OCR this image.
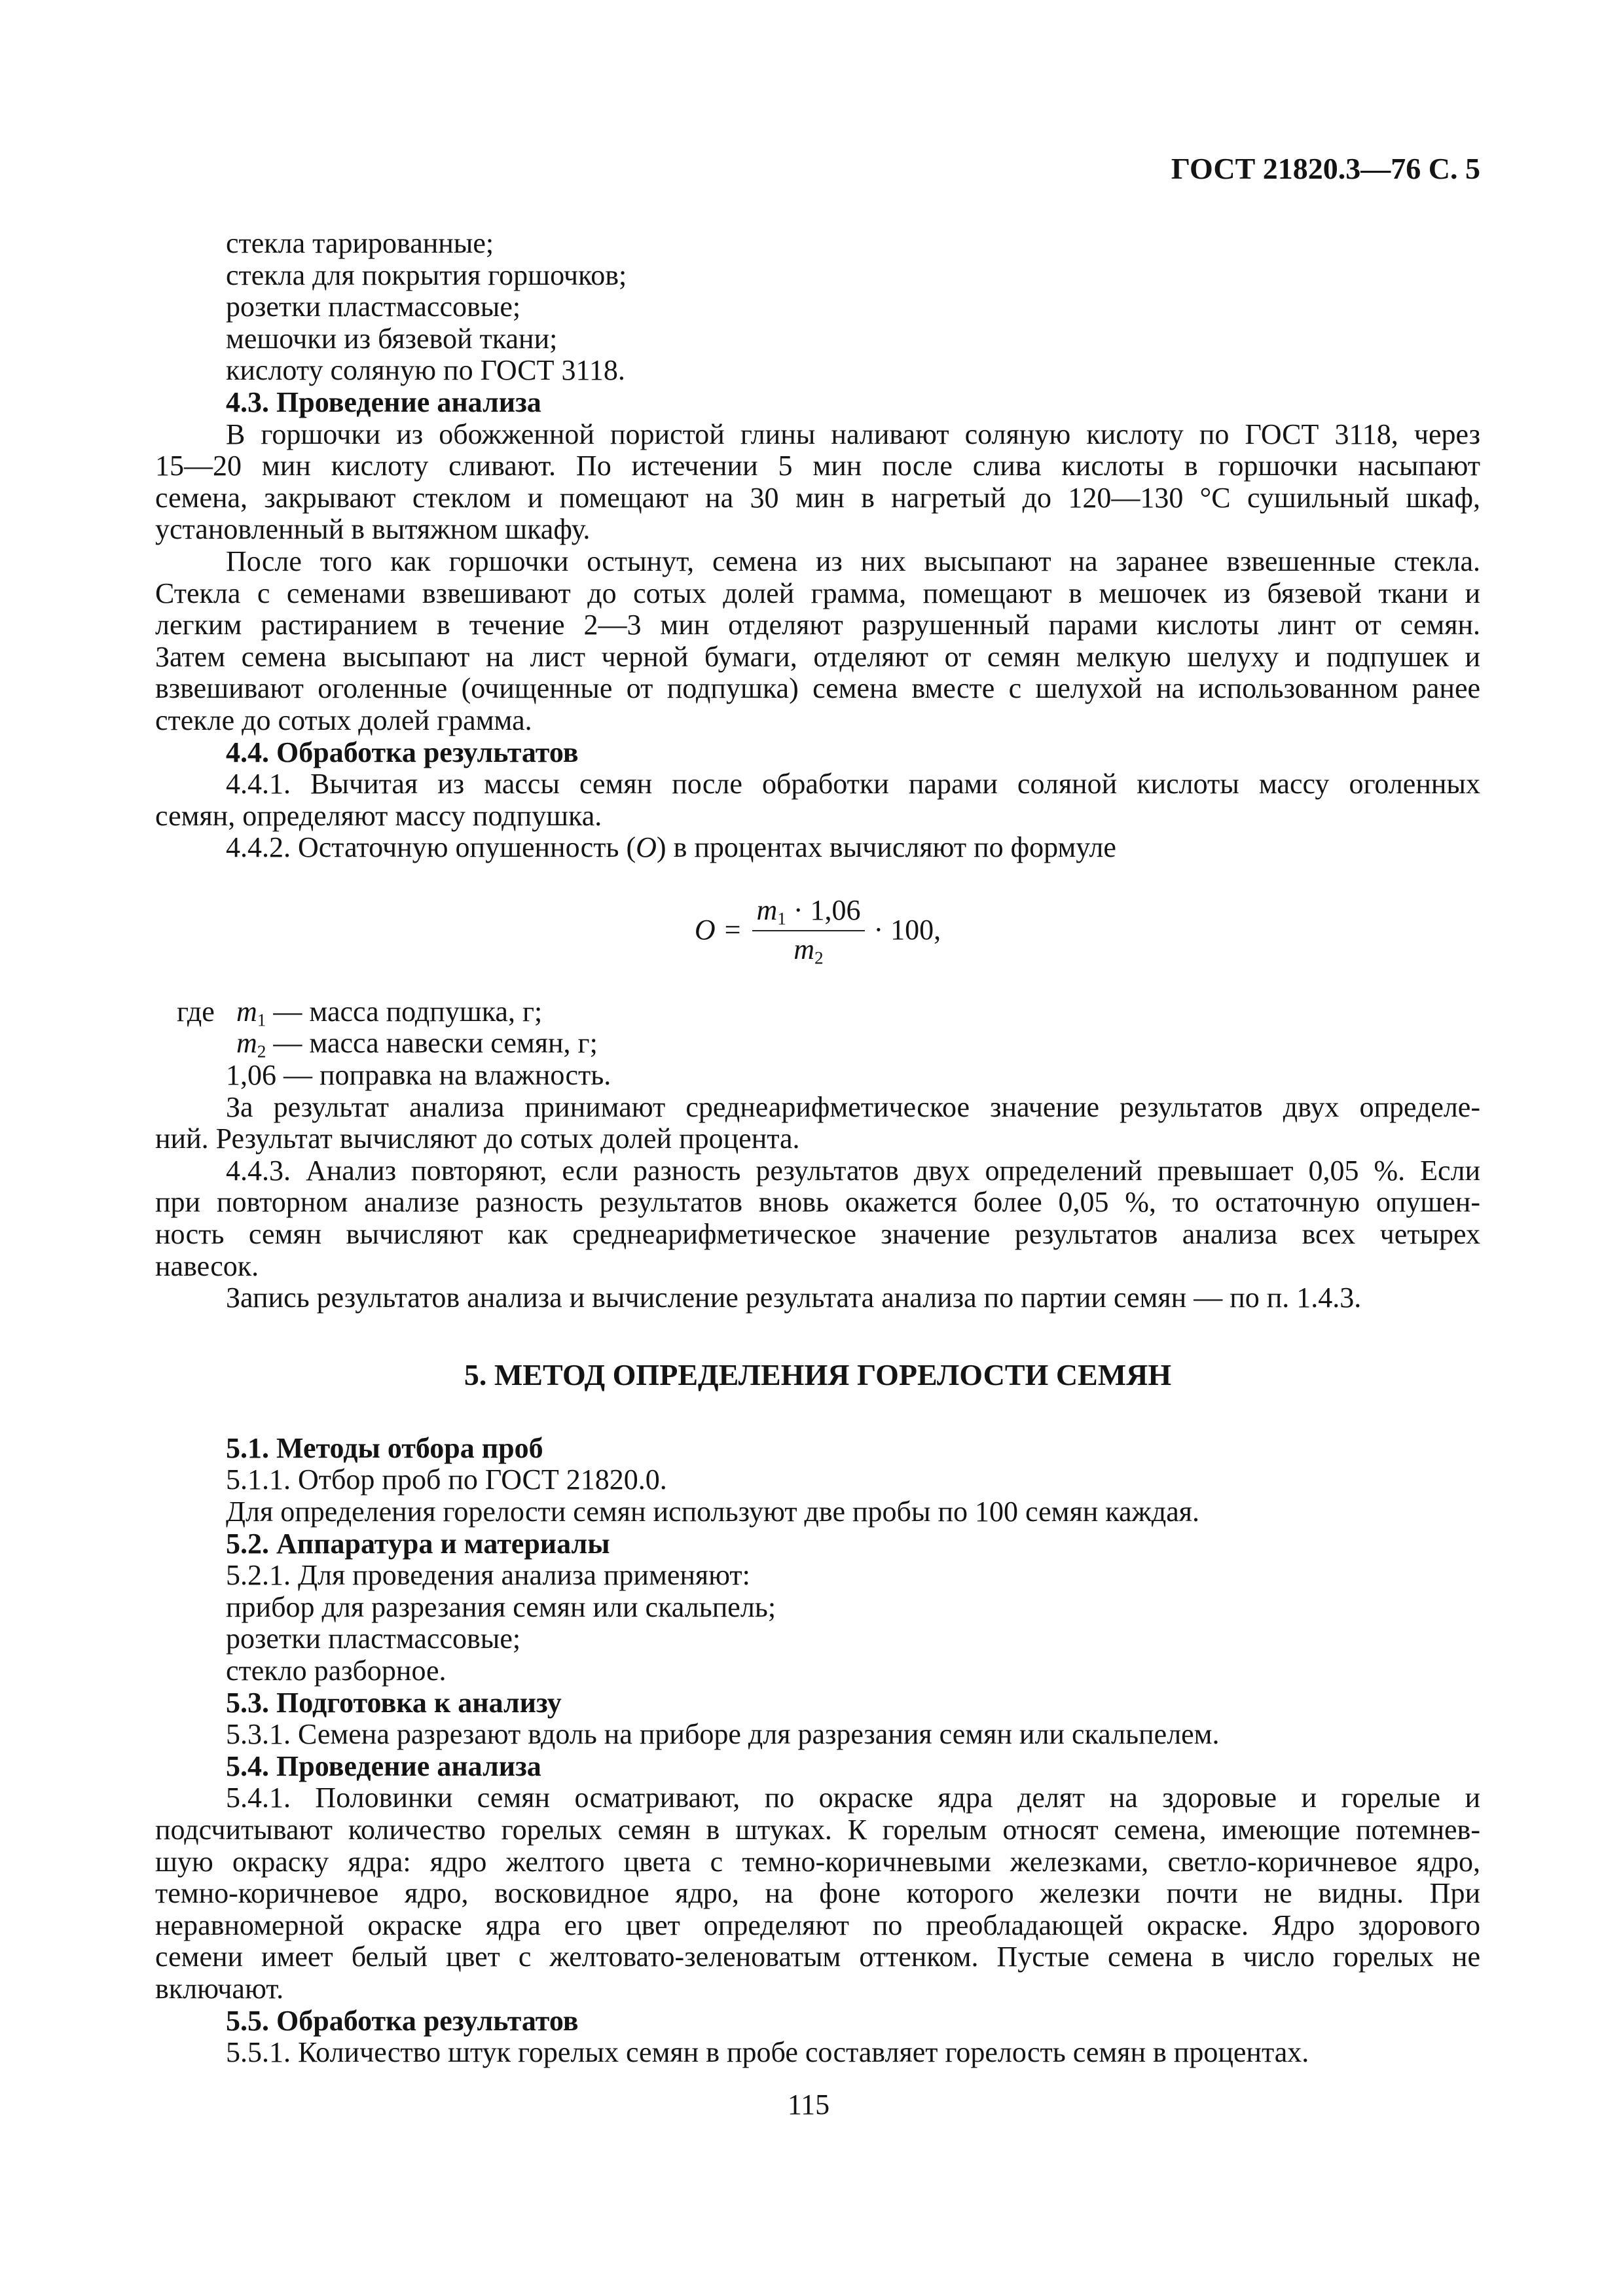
ГОСТ 21820.3—76 С. 5
стекла тарированные;
стекла для покрытия горшочков;
розетки пластмассовые;
мешочки из бязевой ткани;
кислоту соляную по ГОСТ 3118.
4.3. Проведение анализа
В горшочки из обожженной пористой глины наливают соляную кислоту по ГОСТ 3118, через
15—20 мин кислоту сливают. По истечении 5 мин после слива кислоты в горшочки насыпают
семена, закрывают стеклом и помещают на 30 мин в нагретый до 120—130 °С сушильный шкаф,
установленный в вытяжном шкафу.
После того как горшочки остынут, семена из них высыпают на заранее взвешенные стекла.
Стекла с семенами взвешивают до сотых долей грамма, помещают в мешочек из бязевой ткани и
легким растиранием в течение 2—3 мин отделяют разрушенный парами кислоты линт от семян.
Затем семена высыпают на лист черной бумаги, отделяют от семян мелкую шелуху и подпушек и
взвешивают оголенные (очищенные от подпушка) семена вместе с шелухой на использованном ранее
стекле до сотых долей грамма.
4.4. Обработка результатов
4.4.1. Вычитая из массы семян после обработки парами соляной кислоты массу оголенных
семян, определяют массу подпушка.
4.4.2. Остаточную опушенность (O) в процентах вычисляют по формуле
$O = \frac{m_1 \cdot 1,06}{m_2} \cdot 100$,
где $m_1$ — масса подпушка, г;
$m_2$ — масса навески семян, г;
1,06 — поправка на влажность.
За результат анализа принимают среднеарифметическое значение результатов двух определе-
ний. Результат вычисляют до сотых долей процента.
4.4.3. Анализ повторяют, если разность результатов двух определений превышает 0,05 %. Если
при повторном анализе разность результатов вновь окажется более 0,05 %, то остаточную опушен-
ность семян вычисляют как среднеарифметическое значение результатов анализа всех четырех
навесок.
Запись результатов анализа и вычисление результата анализа по партии семян — по п. 1.4.3.
5. МЕТОД ОПРЕДЕЛЕНИЯ ГОРЕЛОСТИ СЕМЯН
5.1. Методы отбора проб
5.1.1. Отбор проб по ГОСТ 21820.0.
Для определения горелости семян используют две пробы по 100 семян каждая.
5.2. Аппаратура и материалы
5.2.1. Для проведения анализа применяют:
прибор для разрезания семян или скальпель;
розетки пластмассовые;
стекло разборное.
5.3. Подготовка к анализу
5.3.1. Семена разрезают вдоль на приборе для разрезания семян или скальпелем.
5.4. Проведение анализа
5.4.1. Половинки семян осматривают, по окраске ядра делят на здоровые и горелые и
подсчитывают количество горелых семян в штуках. К горелым относят семена, имеющие потемнев-
шую окраску ядра: ядро желтого цвета с темно-коричневыми железками, светло-коричневое ядро,
темно-коричневое ядро, восковидное ядро, на фоне которого железки почти не видны. При
неравномерной окраске ядра его цвет определяют по преобладающей окраске. Ядро здорового
семени имеет белый цвет с желтовато-зеленоватым оттенком. Пустые семена в число горелых не
включают.
5.5. Обработка результатов
5.5.1. Количество штук горелых семян в пробе составляет горелость семян в процентах.
115
